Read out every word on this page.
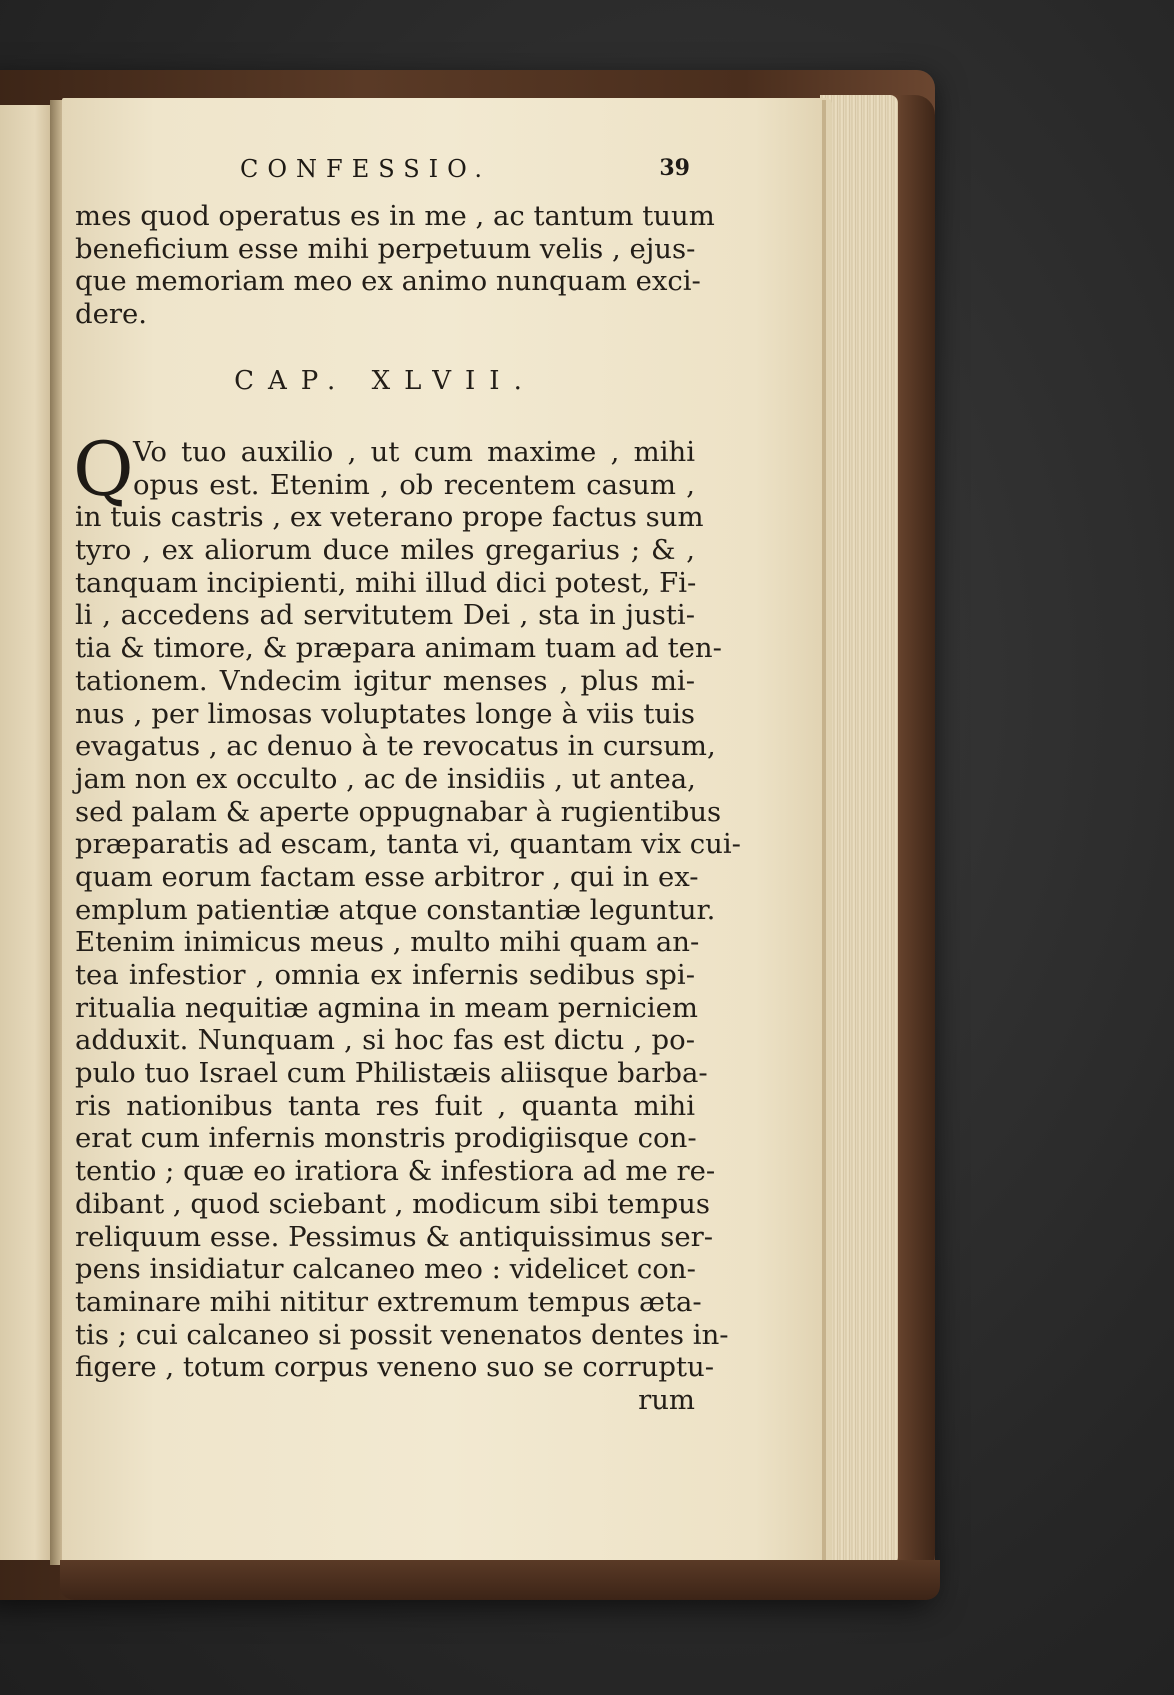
CONFESSIO.	39
mes quod operatus es in me , ac tantum tuum
beneficium esse mihi perpetuum velis , ejus-
que memoriam meo ex animo nunquam exci-
dere.
CAP. XLVII.
Q Vo tuo auxilio , ut cum maxime , mihi
opus est. Etenim , ob recentem casum ,
in tuis castris , ex veterano prope factus sum
tyro , ex aliorum duce miles gregarius ; & ,
tanquam incipienti, mihi illud dici potest, Fi-
li , accedens ad servitutem Dei , sta in justi-
tia & timore, & præpara animam tuam ad ten-
tationem. Vndecim igitur menses , plus mi-
nus , per limosas voluptates longe à viis tuis
evagatus , ac denuo à te revocatus in cursum,
jam non ex occulto , ac de insidiis , ut antea,
sed palam & aperte oppugnabar à rugientibus
præparatis ad escam, tanta vi, quantam vix cui-
quam eorum factam esse arbitror , qui in ex-
emplum patientiæ atque constantiæ leguntur.
Etenim inimicus meus , multo mihi quam an-
tea infestior , omnia ex infernis sedibus spi-
ritualia nequitiæ agmina in meam perniciem
adduxit. Nunquam , si hoc fas est dictu , po-
pulo tuo Israel cum Philistæis aliisque barba-
ris nationibus tanta res fuit , quanta mihi
erat cum infernis monstris prodigiisque con-
tentio ; quæ eo iratiora & infestiora ad me re-
dibant , quod sciebant , modicum sibi tempus
reliquum esse. Pessimus & antiquissimus ser-
pens insidiatur calcaneo meo : videlicet con-
taminare mihi nititur extremum tempus æta-
tis ; cui calcaneo si possit venenatos dentes in-
figere , totum corpus veneno suo se corruptu-
rum
